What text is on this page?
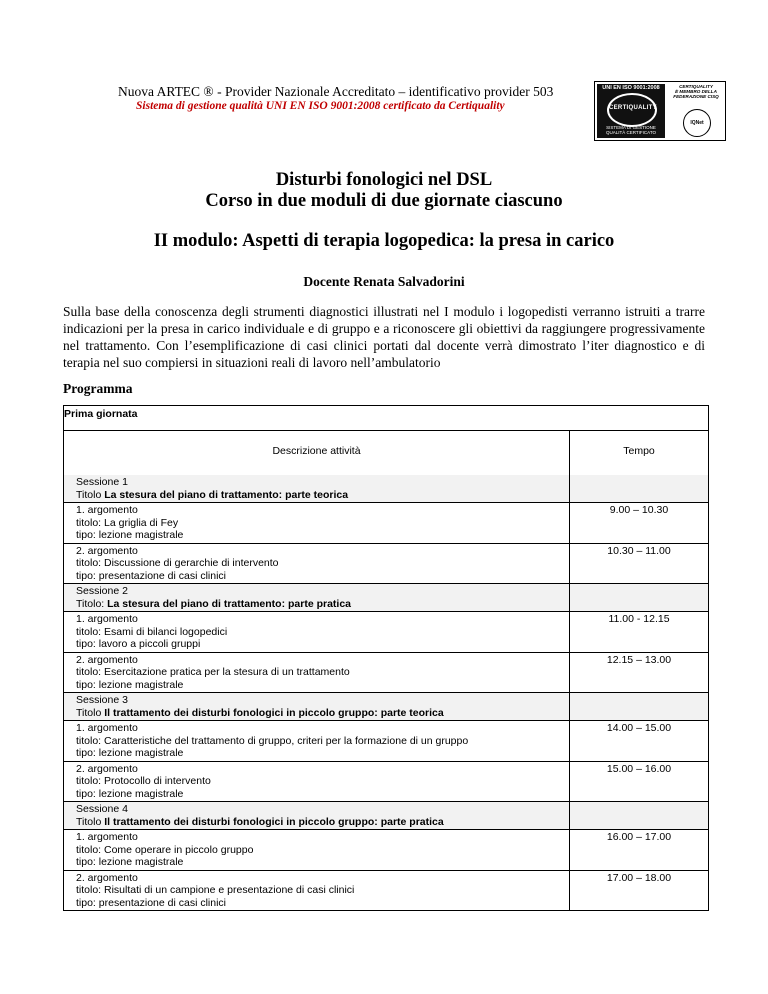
Nuova ARTEC ® - Provider Nazionale Accreditato – identificativo provider 503
Sistema di gestione qualità UNI EN ISO 9001:2008 certificato da Certiquality
UNI EN ISO 9001:2008
CERTIQUALITY
SISTEMA DI GESTIONE
QUALITÀ CERTIFICATO
CERTIQUALITY
È MEMBRO DELLA
FEDERAZIONE CISQ
IQNet
Disturbi fonologici nel DSL
Corso in due moduli di due giornate ciascuno
II modulo: Aspetti di terapia logopedica: la presa in carico
Docente Renata Salvadorini
Sulla base della conoscenza degli strumenti diagnostici illustrati nel I modulo i logopedisti verranno istruiti a trarre indicazioni per la presa in carico individuale e di gruppo e a riconoscere gli obiettivi da raggiungere progressivamente nel trattamento. Con l’esemplificazione di casi clinici portati dal docente verrà dimostrato l’iter diagnostico e di terapia nel suo compiersi in situazioni reali di lavoro nell’ambulatorio
Programma
Prima giornata
Descrizione attività	Tempo
Sessione 1
Titolo La stesura del piano di trattamento: parte teorica
1. argomento
titolo: La griglia di Fey
tipo: lezione magistrale
9.00 – 10.30
2. argomento
titolo: Discussione di gerarchie di intervento
tipo: presentazione di casi clinici
10.30 – 11.00
Sessione 2
Titolo: La stesura del piano di trattamento: parte pratica
1. argomento
titolo: Esami di bilanci logopedici
tipo: lavoro a piccoli gruppi
11.00 - 12.15
2. argomento
titolo: Esercitazione pratica per la stesura di un trattamento
tipo: lezione magistrale
12.15 – 13.00
Sessione 3
Titolo Il trattamento dei disturbi fonologici in piccolo gruppo: parte teorica
1. argomento
titolo: Caratteristiche del trattamento di gruppo, criteri per la formazione di un gruppo
tipo: lezione magistrale
14.00 – 15.00
2. argomento
titolo: Protocollo di intervento
tipo: lezione magistrale
15.00 – 16.00
Sessione 4
Titolo Il trattamento dei disturbi fonologici in piccolo gruppo: parte pratica
1. argomento
titolo: Come operare in piccolo gruppo
tipo: lezione magistrale
16.00 – 17.00
2. argomento
titolo: Risultati di un campione e presentazione di casi clinici
tipo: presentazione di casi clinici
17.00 – 18.00
